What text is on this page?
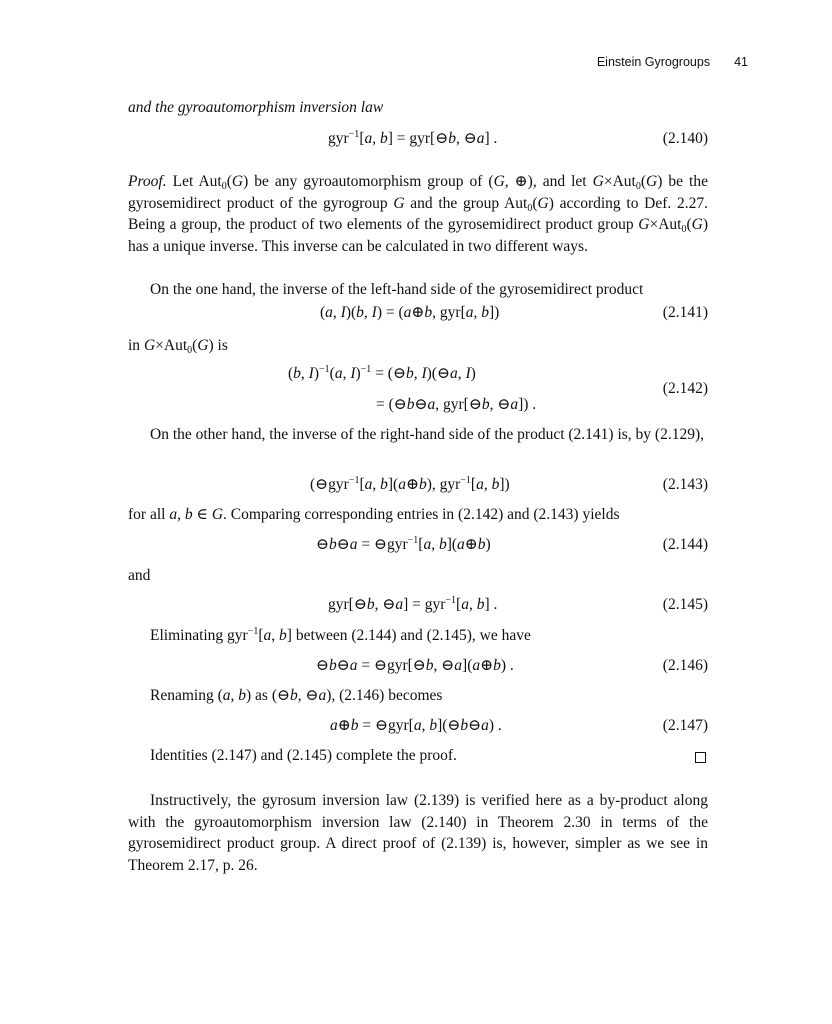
Einstein Gyrogroups 41
and the gyroautomorphism inversion law
gyr$^{-1}$[a, b] = gyr[⊖b, ⊖a] .	(2.140)
Proof. Let Aut$_0$(G) be any gyroautomorphism group of (G, ⊕), and let G×Aut$_0$(G) be the gyrosemidirect product of the gyrogroup G and the group Aut$_0$(G) according to Def. 2.27. Being a group, the product of two elements of the gyrosemidirect product group G×Aut$_0$(G) has a unique inverse. This inverse can be calculated in two different ways.
On the one hand, the inverse of the left-hand side of the gyrosemidirect product
(a, I)(b, I) = (a⊕b, gyr[a, b])	(2.141)
in G×Aut$_0$(G) is
(b, I)$^{-1}$(a, I)$^{-1}$ = (⊖b, I)(⊖a, I)
= (⊖b⊖a, gyr[⊖b, ⊖a]) .
(2.142)
On the other hand, the inverse of the right-hand side of the product (2.141) is, by (2.129),
(⊖gyr$^{-1}$[a, b](a⊕b), gyr$^{-1}$[a, b])	(2.143)
for all a, b ∈ G. Comparing corresponding entries in (2.142) and (2.143) yields
⊖b⊖a = ⊖gyr$^{-1}$[a, b](a⊕b)	(2.144)
and
gyr[⊖b, ⊖a] = gyr$^{-1}$[a, b] .	(2.145)
Eliminating gyr$^{-1}$[a, b] between (2.144) and (2.145), we have
⊖b⊖a = ⊖gyr[⊖b, ⊖a](a⊕b) .	(2.146)
Renaming (a, b) as (⊖b, ⊖a), (2.146) becomes
a⊕b = ⊖gyr[a, b](⊖b⊖a) .	(2.147)
Identities (2.147) and (2.145) complete the proof.
Instructively, the gyrosum inversion law (2.139) is verified here as a by-product along with the gyroautomorphism inversion law (2.140) in Theorem 2.30 in terms of the gyrosemidirect product group. A direct proof of (2.139) is, however, simpler as we see in Theorem 2.17, p. 26.
